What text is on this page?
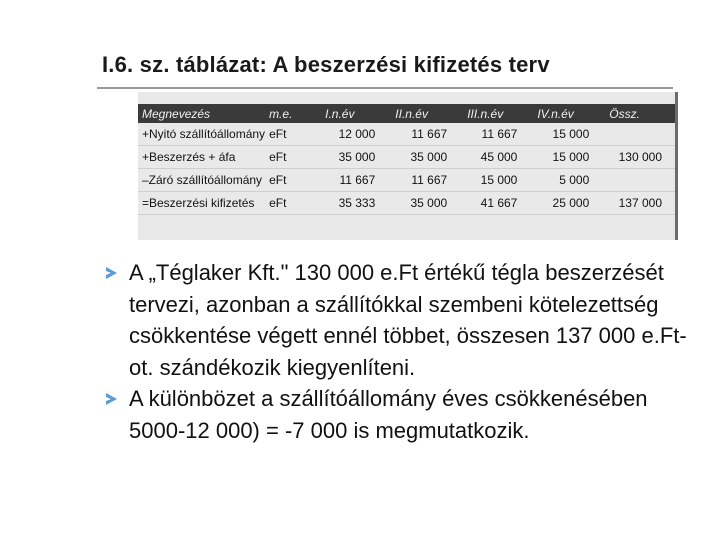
I.6. sz. táblázat: A beszerzési kifizetés terv
Megnevezés	m.e.	I.n.év	II.n.év	III.n.év	IV.n.év	Össz.
+Nyitó szállítóállomány	eFt	12 000	11 667	11 667	15 000	
+Beszerzés + áfa	eFt	35 000	35 000	45 000	15 000	130 000
–Záró szállítóállomány	eFt	11 667	11 667	15 000	5 000	
=Beszerzési kifizetés	eFt	35 333	35 000	41 667	25 000	137 000
A „Téglaker Kft." 130 000 e.Ft értékű tégla beszerzését tervezi, azonban a szállítókkal szembeni kötelezettség csökkentése végett ennél többet, összesen 137 000 e.Ft-ot. szándékozik kiegyenlíteni.
A különbözet a szállítóállomány éves csökkenésében 5000-12 000) = -7 000 is megmutatkozik.
